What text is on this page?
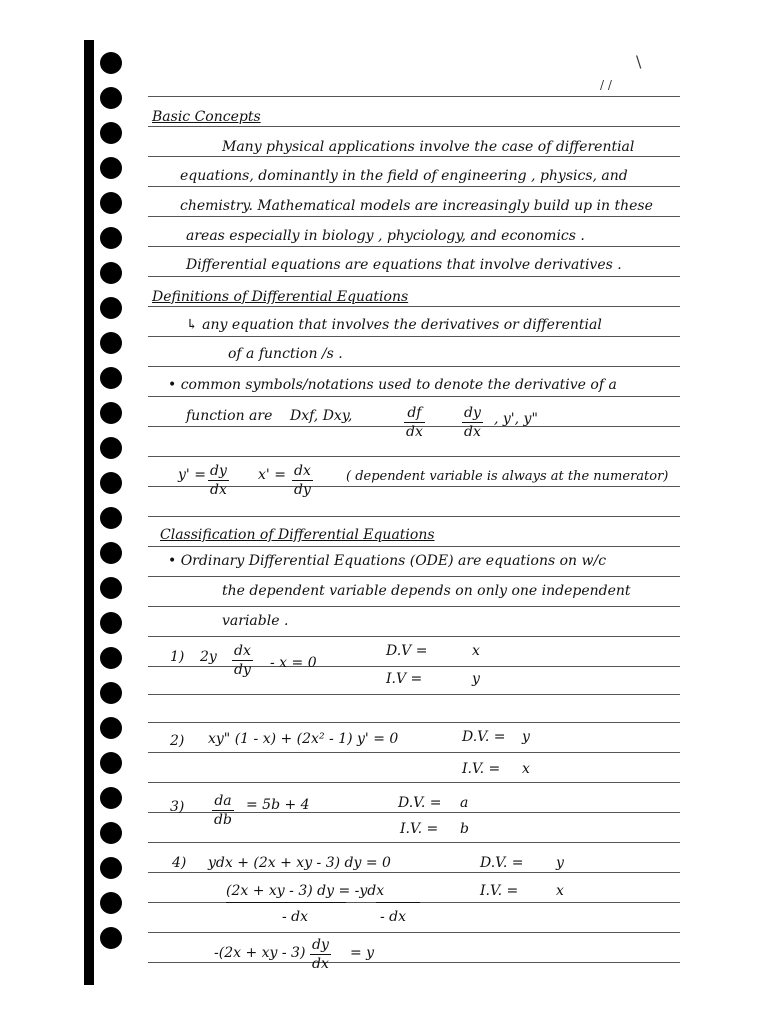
\
/ /
Basic Concepts
Many physical applications involve the case of differential
equations, dominantly in the field of engineering , physics, and
chemistry. Mathematical models are increasingly build up in these
areas especially in biology , phyciology, and economics .
Differential equations are equations that involve derivatives .
Definitions of Differential Equations
↳ any equation that involves the derivatives or differential
of a function /s .
• common symbols/notations used to denote the derivative of a
function are Dxf, Dxy,	$\frac{df}{dx}$	$\frac{dy}{dx}$ , y', y"
$y' = \frac{dy}{dx} x' = \frac{dx}{dy}$	( dependent variable is always at the numerator)
Classification of Differential Equations
• Ordinary Differential Equations (ODE) are equations on w/c
the dependent variable depends on only one independent
variable .
1) $2y \frac{dx}{dy} - x = 0$
D.V =	x
I.V =	y
2) xy" (1 - x) + (2x² - 1) y' = 0	D.V. = y
I.V. = x
$3) \frac{da}{db} = 5b + 4$	D.V. = a
I.V. = b
4) ydx + (2x + xy - 3) dy = 0	D.V. = y
I.V. =	x
(2x + xy - 3) dy = -ydx
- dx	- dx
-(2x + xy - $3) \frac{dy}{dx} = y$
